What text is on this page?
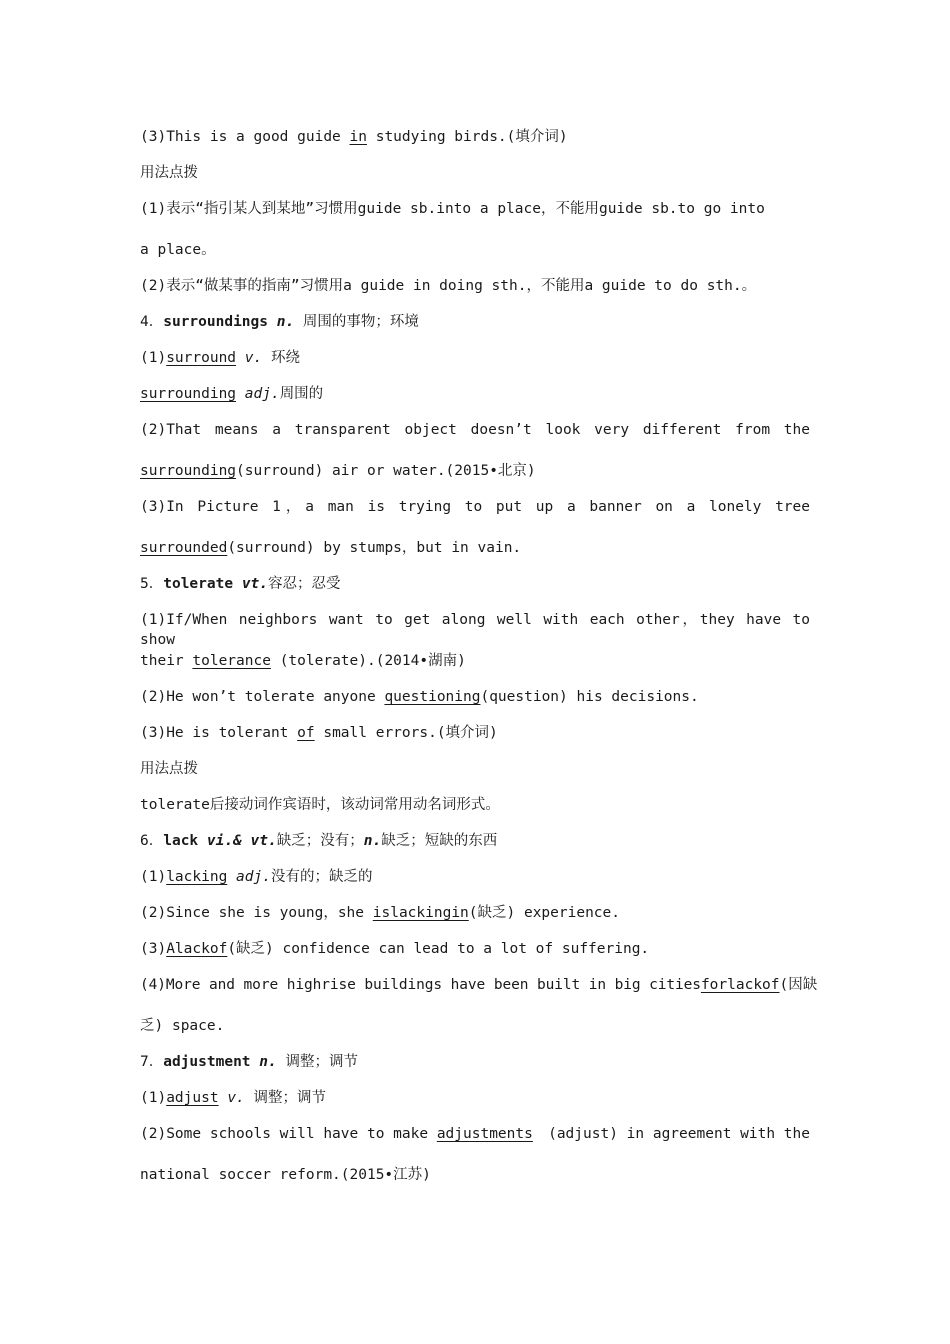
(3)This is a good guide in studying birds.(填介词)
用法点拨
(1)表示“指引某人到某地”习惯用guide sb.into a place，不能用guide sb.to go into
a place。
(2)表示“做某事的指南”习惯用a guide in doing sth.，不能用a guide to do sth.。
4．surroundings n. 周围的事物；环境
(1)surround v. 环绕
surrounding adj.周围的
(2)That means a transparent object doesn’t look very different from the
surrounding(surround) air or water.(2015•北京)
(3)In Picture 1，a man is trying to put up a banner on a lonely tree
surrounded(surround) by stumps，but in vain.
5．tolerate vt.容忍；忍受
(1)If/When neighbors want to get along well with each other，they have to show
their tolerance (tolerate).(2014•湖南)
(2)He won’t tolerate anyone questioning(question) his decisions.
(3)He is tolerant of small errors.(填介词)
用法点拨
tolerate后接动词作宾语时，该动词常用动名词形式。
6．lack vi.& vt.缺乏；没有；n.缺乏；短缺的东西
(1)lacking adj.没有的；缺乏的
(2)Since she is young，she islackingin(缺乏) experience.
(3)Alackof(缺乏) confidence can lead to a lot of suffering.
(4)More and more highrise buildings have been built in big cities forlackof(因缺
乏) space.
7．adjustment n. 调整；调节
(1)adjust v. 调整；调节
(2)Some schools will have to make adjustments (adjust) in agreement with the
national soccer reform.(2015•江苏)
